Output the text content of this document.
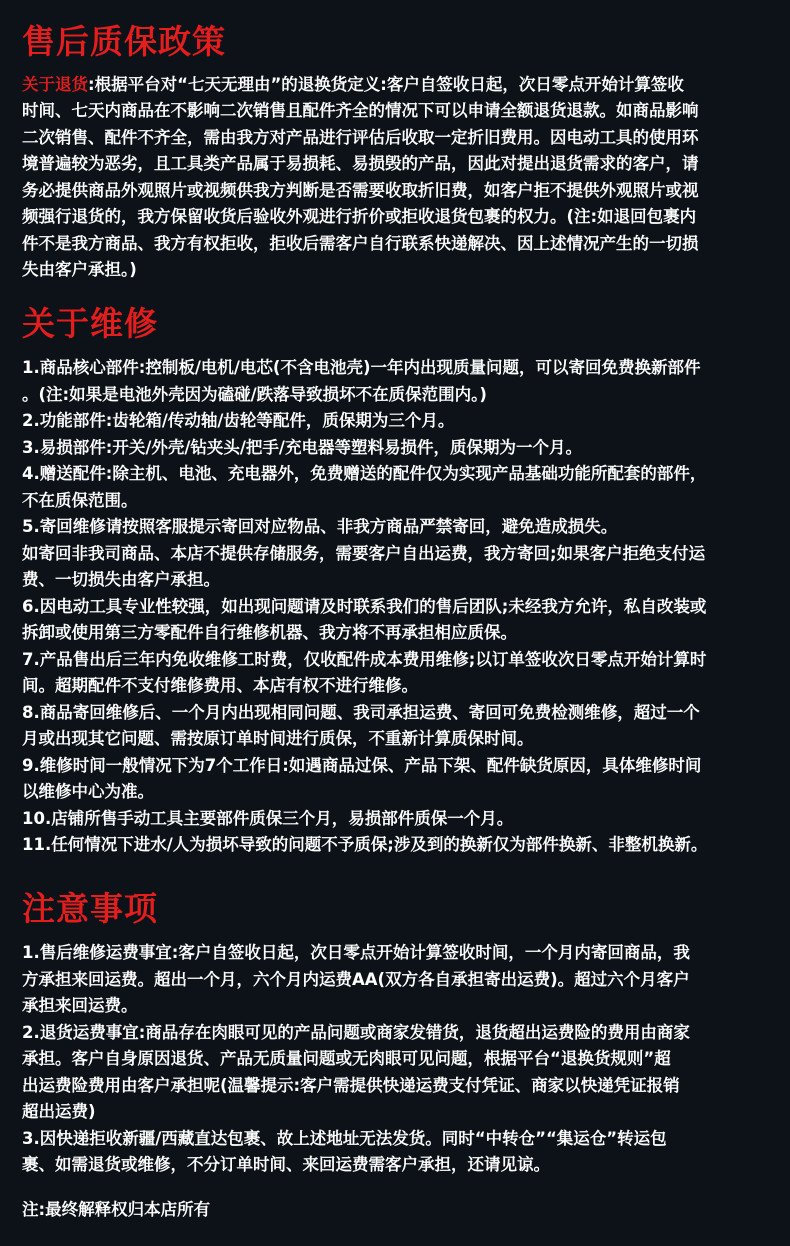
售后质保政策
关于退货:根据平台对“七天无理由”的退换货定义:客户自签收日起，次日零点开始计算签收
时间、七天内商品在不影响二次销售且配件齐全的情况下可以申请全额退货退款。如商品影响
二次销售、配件不齐全，需由我方对产品进行评估后收取一定折旧费用。因电动工具的使用环
境普遍较为恶劣，且工具类产品属于易损耗、易损毁的产品，因此对提出退货需求的客户，请
务必提供商品外观照片或视频供我方判断是否需要收取折旧费，如客户拒不提供外观照片或视
频强行退货的，我方保留收货后验收外观进行折价或拒收退货包裹的权力。(注:如退回包裹内
件不是我方商品、我方有权拒收，拒收后需客户自行联系快递解决、因上述情况产生的一切损
失由客户承担。)
关于维修
1.商品核心部件:控制板/电机/电芯(不含电池壳)一年内出现质量问题，可以寄回免费换新部件
。(注:如果是电池外壳因为磕碰/跌落导致损坏不在质保范围内。)
2.功能部件:齿轮箱/传动轴/齿轮等配件，质保期为三个月。
3.易损部件:开关/外壳/钻夹头/把手/充电器等塑料易损件，质保期为一个月。
4.赠送配件:除主机、电池、充电器外，免费赠送的配件仅为实现产品基础功能所配套的部件，
不在质保范围。
5.寄回维修请按照客服提示寄回对应物品、非我方商品严禁寄回，避免造成损失。
如寄回非我司商品、本店不提供存储服务，需要客户自出运费，我方寄回;如果客户拒绝支付运
费、一切损失由客户承担。
6.因电动工具专业性较强，如出现问题请及时联系我们的售后团队;未经我方允许，私自改装或
拆卸或使用第三方零配件自行维修机器、我方将不再承担相应质保。
7.产品售出后三年内免收维修工时费，仅收配件成本费用维修;以订单签收次日零点开始计算时
间。超期配件不支付维修费用、本店有权不进行维修。
8.商品寄回维修后、一个月内出现相同问题、我司承担运费、寄回可免费检测维修，超过一个
月或出现其它问题、需按原订单时间进行质保，不重新计算质保时间。
9.维修时间一般情况下为7个工作日:如遇商品过保、产品下架、配件缺货原因，具体维修时间
以维修中心为准。
10.店铺所售手动工具主要部件质保三个月，易损部件质保一个月。
11.任何情况下进水/人为损坏导致的问题不予质保;涉及到的换新仅为部件换新、非整机换新。
注意事项
1.售后维修运费事宜:客户自签收日起，次日零点开始计算签收时间，一个月内寄回商品，我
方承担来回运费。超出一个月，六个月内运费AA(双方各自承担寄出运费)。超过六个月客户
承担来回运费。
2.退货运费事宜:商品存在肉眼可见的产品问题或商家发错货，退货超出运费险的费用由商家
承担。客户自身原因退货、产品无质量问题或无肉眼可见问题，根据平台“退换货规则”超
出运费险费用由客户承担呢(温馨提示:客户需提供快递运费支付凭证、商家以快递凭证报销
超出运费)
3.因快递拒收新疆/西藏直达包裹、故上述地址无法发货。同时“中转仓”“集运仓”转运包
裹、如需退货或维修，不分订单时间、来回运费需客户承担，还请见谅。
注:最终解释权归本店所有
